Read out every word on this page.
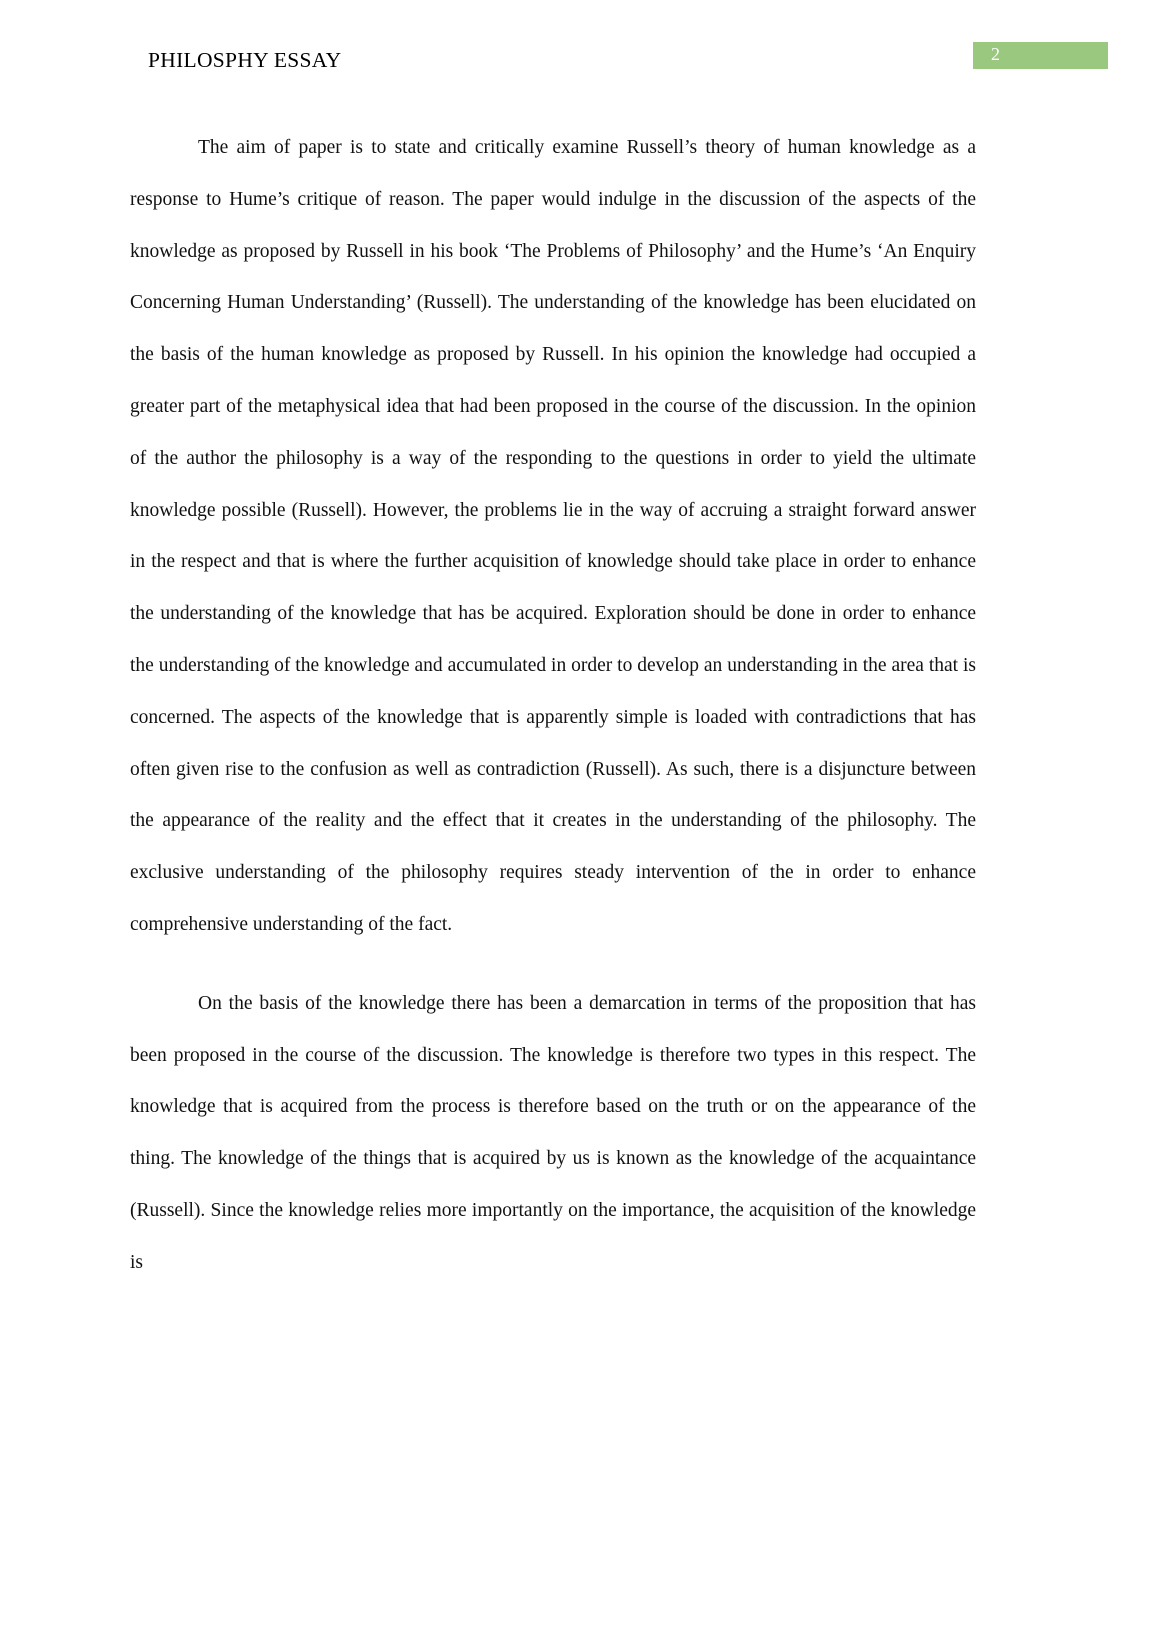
PHILOSPHY ESSAY	2

The aim of paper is to state and critically examine Russell’s theory of human knowledge as a response to Hume’s critique of reason. The paper would indulge in the discussion of the aspects of the knowledge as proposed by Russell in his book ‘The Problems of Philosophy’ and the Hume’s ‘An Enquiry Concerning Human Understanding’ (Russell). The understanding of the knowledge has been elucidated on the basis of the human knowledge as proposed by Russell. In his opinion the knowledge had occupied a greater part of the metaphysical idea that had been proposed in the course of the discussion. In the opinion of the author the philosophy is a way of the responding to the questions in order to yield the ultimate knowledge possible (Russell). However, the problems lie in the way of accruing a straight forward answer in the respect and that is where the further acquisition of knowledge should take place in order to enhance the understanding of the knowledge that has be acquired. Exploration should be done in order to enhance the understanding of the knowledge and accumulated in order to develop an understanding in the area that is concerned. The aspects of the knowledge that is apparently simple is loaded with contradictions that has often given rise to the confusion as well as contradiction (Russell). As such, there is a disjuncture between the appearance of the reality and the effect that it creates in the understanding of the philosophy. The exclusive understanding of the philosophy requires steady intervention of the in order to enhance comprehensive understanding of the fact.

On the basis of the knowledge there has been a demarcation in terms of the proposition that has been proposed in the course of the discussion. The knowledge is therefore two types in this respect. The knowledge that is acquired from the process is therefore based on the truth or on the appearance of the thing. The knowledge of the things that is acquired by us is known as the knowledge of the acquaintance (Russell). Since the knowledge relies more importantly on the importance, the acquisition of the knowledge is
